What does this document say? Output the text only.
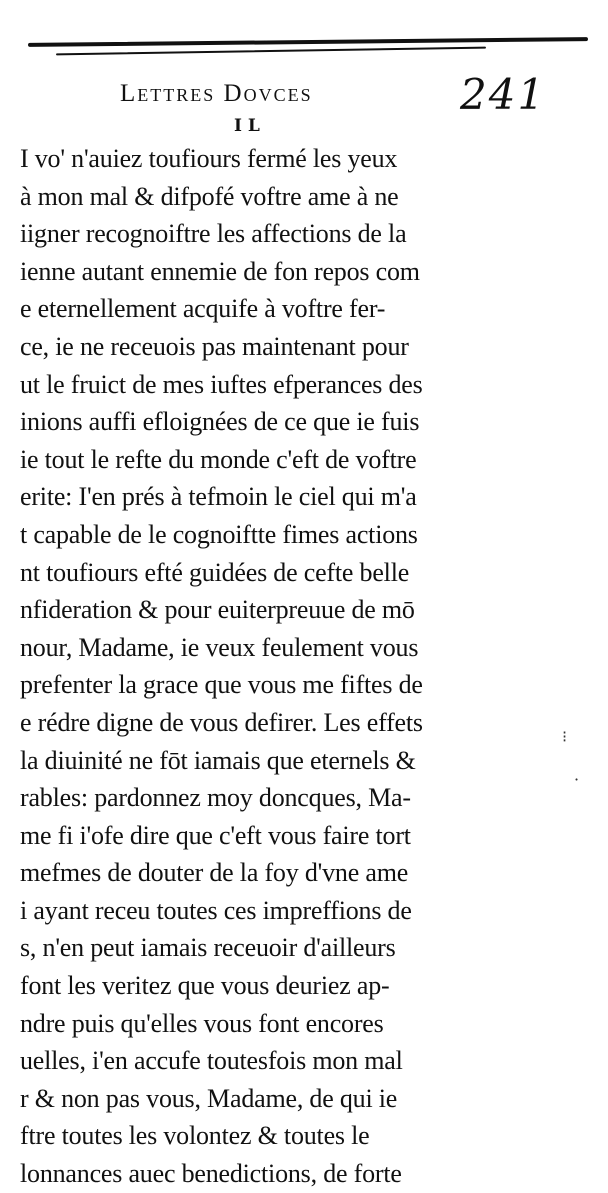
Lettres Dovces	241
I L
I vo' n'auiez toufiours fermé les yeux
à mon mal & difpofé voftre ame à ne
iigner recognoiftre les affections de la
ienne autant ennemie de fon repos com
e eternellement acquife à voftre fer-
ce, ie ne receuois pas maintenant pour
ut le fruict de mes iuftes efperances des
inions auffi efloignées de ce que ie fuis
ie tout le refte du monde c'eft de voftre
erite: I'en prés à tefmoin le ciel qui m'a
t capable de le cognoiftte fimes actions
nt toufiours efté guidées de cefte belle
nfideration & pour euiterpreuue de mō
nour, Madame, ie veux feulement vous
prefenter la grace que vous me fiftes de
e rédre digne de vous defirer. Les effets
la diuinité ne fōt iamais que eternels &
rables: pardonnez moy doncques, Ma-
me fi i'ofe dire que c'eft vous faire tort
mefmes de douter de la foy d'vne ame
i ayant receu toutes ces impreffions de
s, n'en peut iamais receuoir d'ailleurs
font les veritez que vous deuriez ap-
ndre puis qu'elles vous font encores
uelles, i'en accufe toutesfois mon mal
r & non pas vous, Madame, de qui ie
ftre toutes les volontez & toutes le
lonnances auec benedictions, de forte
⁝
·
